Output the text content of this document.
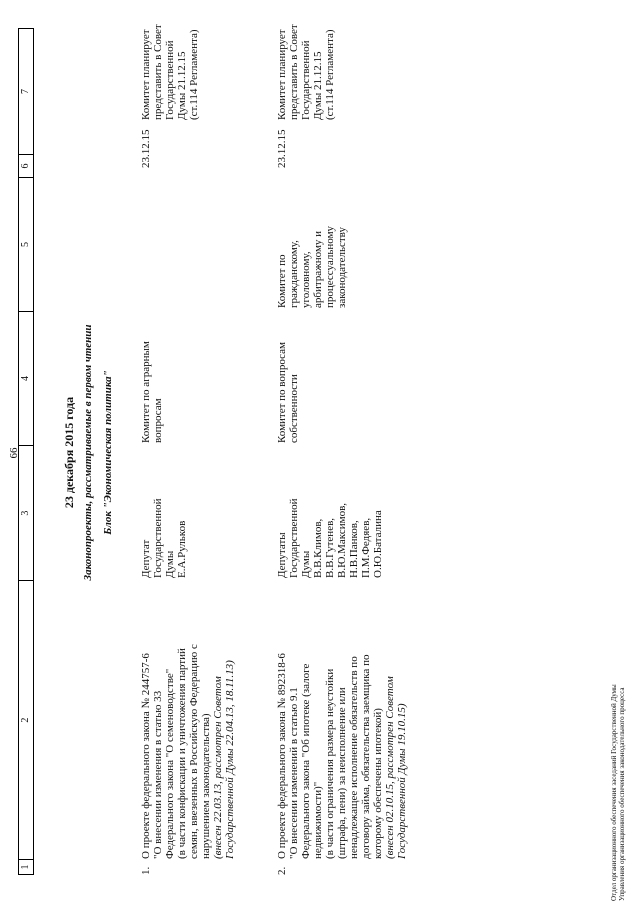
66
1
2
3
4
5
6
7
23 декабря 2015 года Законопроекты, рассматриваемые в первом чтении Блок "Экономическая политика"
1.
О проекте федерального закона № 244757-6 "О внесении изменения в статью 33 Федерального закона "О семеноводстве" (в части конфискации и уничтожения партий семян, ввезенных в Российскую Федерацию с нарушением законодательства) (внесен 22.03.13, рассмотрен Советом Государственной Думы 22.04.13, 18.11.13)
Депутат Государственной Думы Е.А.Рульков
Комитет по аграрным вопросам
23.12.15
Комитет планирует представить в Совет Государственной Думы 21.12.15 (ст.114 Регламента)
2.
О проекте федерального закона № 892318-6 "О внесении изменений в статью 9.1 Федерального закона "Об ипотеке (залоге недвижимости)" (в части ограничения размера неустойки (штрафа, пени) за неисполнение или ненадлежащее исполнение обязательств по договору займа, обязательства заемщика по которому обеспечены ипотекой) (внесен 02.10.15, рассмотрен Советом Государственной Думы 19.10.15)
Депутаты Государственной Думы В.В.Климов, В.В.Гутенев, В.Ю.Максимов, Н.В.Панков, П.М.Федяев, О.Ю.Баталина
Комитет по вопросам собственности
Комитет по гражданскому, уголовному, арбитражному и процессуальному законодательству
23.12.15
Комитет планирует представить в Совет Государственной Думы 21.12.15 (ст.114 Регламента)
Отдел организационного обеспечения заседаний Государственной Думы Управления организационного обеспечения законодательного процесса
